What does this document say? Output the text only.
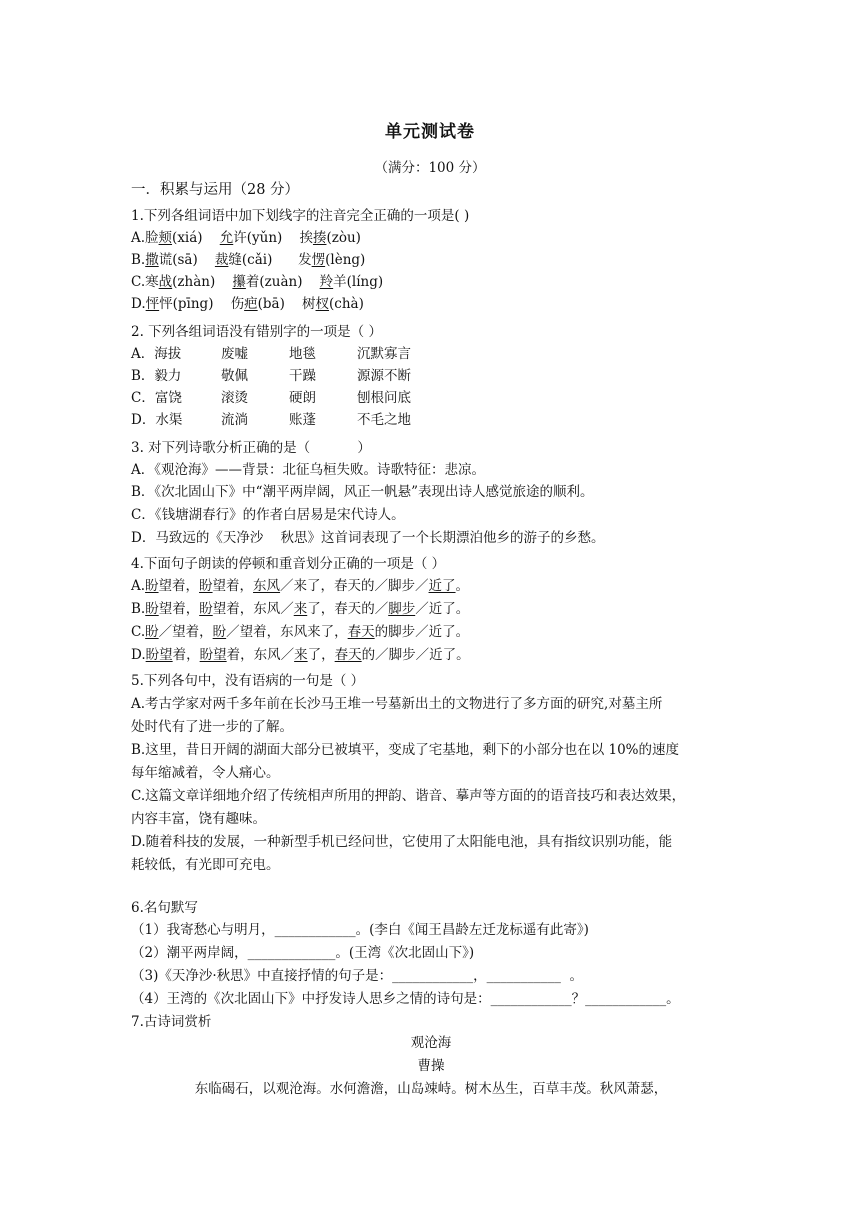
单元测试卷
（满分：100 分）
一．积累与运用（28 分）
1.下列各组词语中加下划线字的注音完全正确的一项是( )
A.脸颊(xiá)    允许(yǔn)    挨揍(zòu)
B.撒谎(sā)    裁缝(cǎi)      发愣(lèng)
C.寒战(zhàn)    攥着(zuàn)    羚羊(líng)
D.怦怦(pīng)    伤疤(bā)    树杈(chà)
2. 下列各组词语没有错别字的一项是（ ）
A．海拔	废嘘	地毯	沉默寡言
B．毅力	敬佩	干躁	源源不断
C．富饶	滚烫	硬朗	刨根问底
D．水渠	流淌	账蓬	不毛之地
3. 对下列诗歌分析正确的是（           ）
A．《观沧海》——背景：北征乌桓失败。诗歌特征：悲凉。
B．《次北固山下》中“潮平两岸阔，风正一帆悬”表现出诗人感觉旅途的顺利。
C．《钱塘湖春行》的作者白居易是宋代诗人。
D．马致远的《天净沙    秋思》这首词表现了一个长期漂泊他乡的游子的乡愁。
4.下面句子朗读的停顿和重音划分正确的一项是（ ）
A.盼望着，盼望着，东风／来了，春天的／脚步／近了。
B.盼望着，盼望着，东风／来了，春天的／脚步／近了。
C.盼／望着，盼／望着，东风来了，春天的脚步／近了。
D.盼望着，盼望着，东风／来了，春天的／脚步／近了。
5.下列各句中，没有语病的一句是（ ）
A.考古学家对两千多年前在长沙马王堆一号墓新出土的文物进行了多方面的研究,对墓主所
处时代有了进一步的了解。
B.这里，昔日开阔的湖面大部分已被填平，变成了宅基地，剩下的小部分也在以 10%的速度
每年缩减着，令人痛心。
C.这篇文章详细地介绍了传统相声所用的押韵、谐音、摹声等方面的的语音技巧和表达效果，
内容丰富，饶有趣味。
D.随着科技的发展，一种新型手机已经问世，它使用了太阳能电池，具有指纹识别功能，能
耗较低，有光即可充电。
6.名句默写
（1）我寄愁心与明月，____________。(李白《闻王昌龄左迁龙标遥有此寄》)
（2）潮平两岸阔，_____________。(王湾《次北固山下》)
（3)《天净沙·秋思》中直接抒情的句子是：____________，___________  。
（4）王湾的《次北固山下》中抒发诗人思乡之情的诗句是：____________？____________。
7.古诗词赏析
观沧海
曹操
东临碣石，以观沧海。水何澹澹，山岛竦峙。树木丛生，百草丰茂。秋风萧瑟，
